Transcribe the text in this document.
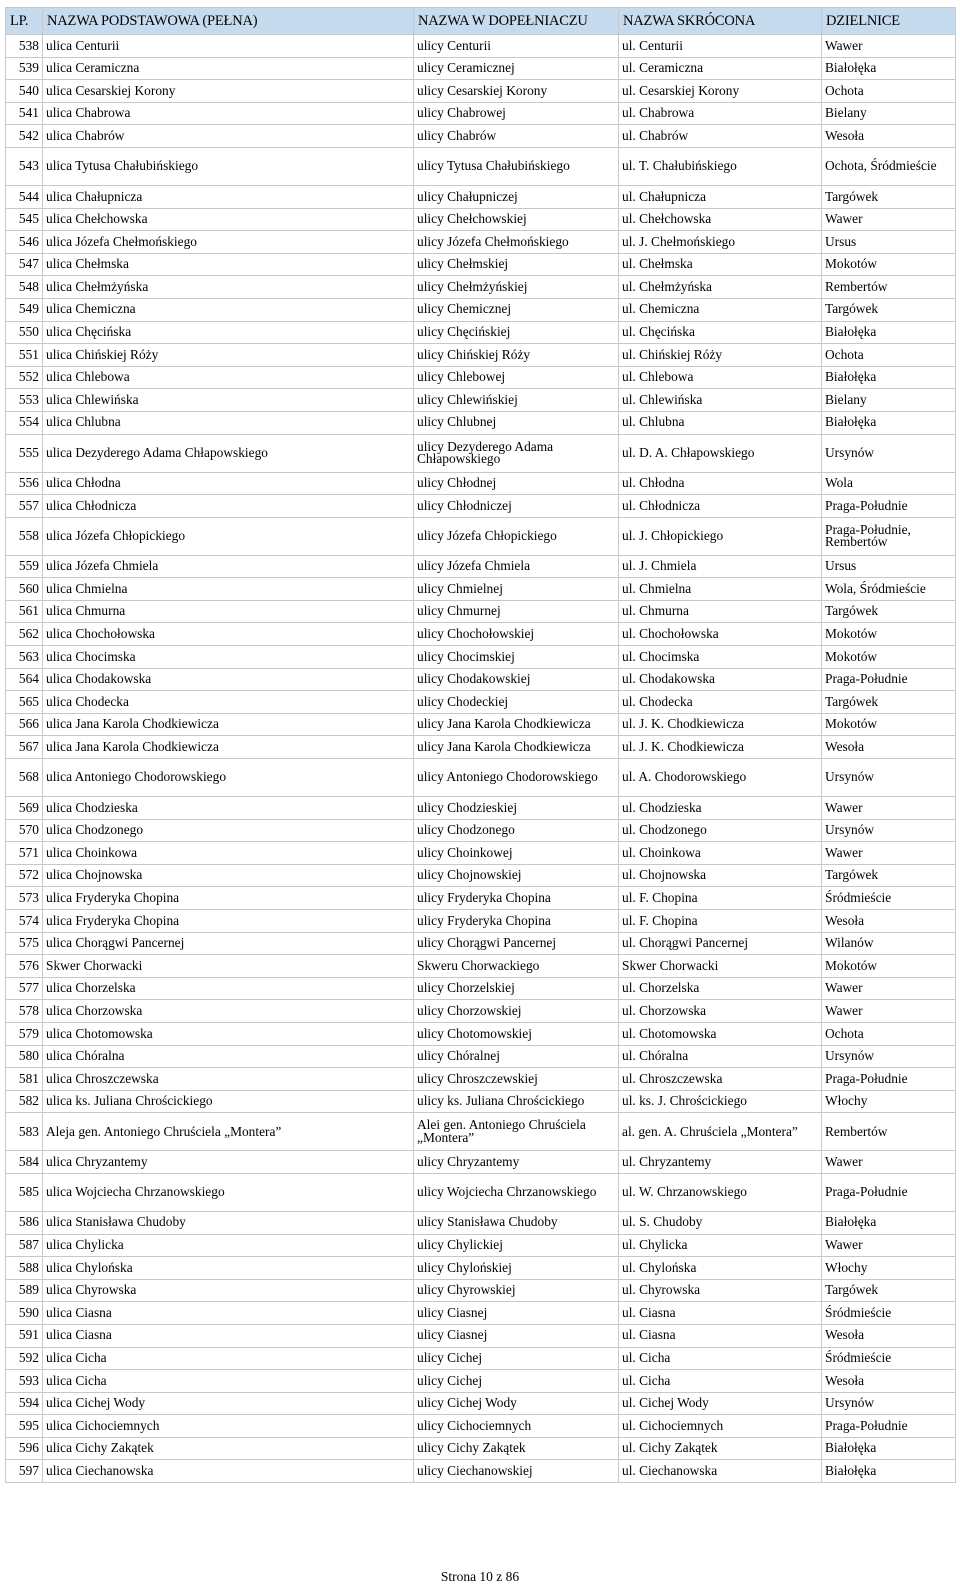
LP.	NAZWA PODSTAWOWA (PEŁNA)	NAZWA W DOPEŁNIACZU	NAZWA SKRÓCONA	DZIELNICE
538	ulica Centurii	ulicy Centurii	ul. Centurii	Wawer
539	ulica Ceramiczna	ulicy Ceramicznej	ul. Ceramiczna	Białołęka
540	ulica Cesarskiej Korony	ulicy Cesarskiej Korony	ul. Cesarskiej Korony	Ochota
541	ulica Chabrowa	ulicy Chabrowej	ul. Chabrowa	Bielany
542	ulica Chabrów	ulicy Chabrów	ul. Chabrów	Wesoła
543	ulica Tytusa Chałubińskiego	ulicy Tytusa Chałubińskiego	ul. T. Chałubińskiego	Ochota, Śródmieście
544	ulica Chałupnicza	ulicy Chałupniczej	ul. Chałupnicza	Targówek
545	ulica Chełchowska	ulicy Chełchowskiej	ul. Chełchowska	Wawer
546	ulica Józefa Chełmońskiego	ulicy Józefa Chełmońskiego	ul. J. Chełmońskiego	Ursus
547	ulica Chełmska	ulicy Chełmskiej	ul. Chełmska	Mokotów
548	ulica Chełmżyńska	ulicy Chełmżyńskiej	ul. Chełmżyńska	Rembertów
549	ulica Chemiczna	ulicy Chemicznej	ul. Chemiczna	Targówek
550	ulica Chęcińska	ulicy Chęcińskiej	ul. Chęcińska	Białołęka
551	ulica Chińskiej Róży	ulicy Chińskiej Róży	ul. Chińskiej Róży	Ochota
552	ulica Chlebowa	ulicy Chlebowej	ul. Chlebowa	Białołęka
553	ulica Chlewińska	ulicy Chlewińskiej	ul. Chlewińska	Bielany
554	ulica Chlubna	ulicy Chlubnej	ul. Chlubna	Białołęka
555	ulica Dezyderego Adama Chłapowskiego	ulicy Dezyderego Adama Chłapowskiego	ul. D. A. Chłapowskiego	Ursynów
556	ulica Chłodna	ulicy Chłodnej	ul. Chłodna	Wola
557	ulica Chłodnicza	ulicy Chłodniczej	ul. Chłodnicza	Praga-Południe
558	ulica Józefa Chłopickiego	ulicy Józefa Chłopickiego	ul. J. Chłopickiego	Praga-Południe, Rembertów
559	ulica Józefa Chmiela	ulicy Józefa Chmiela	ul. J. Chmiela	Ursus
560	ulica Chmielna	ulicy Chmielnej	ul. Chmielna	Wola, Śródmieście
561	ulica Chmurna	ulicy Chmurnej	ul. Chmurna	Targówek
562	ulica Chochołowska	ulicy Chochołowskiej	ul. Chochołowska	Mokotów
563	ulica Chocimska	ulicy Chocimskiej	ul. Chocimska	Mokotów
564	ulica Chodakowska	ulicy Chodakowskiej	ul. Chodakowska	Praga-Południe
565	ulica Chodecka	ulicy Chodeckiej	ul. Chodecka	Targówek
566	ulica Jana Karola Chodkiewicza	ulicy Jana Karola Chodkiewicza	ul. J. K. Chodkiewicza	Mokotów
567	ulica Jana Karola Chodkiewicza	ulicy Jana Karola Chodkiewicza	ul. J. K. Chodkiewicza	Wesoła
568	ulica Antoniego Chodorowskiego	ulicy Antoniego Chodorowskiego	ul. A. Chodorowskiego	Ursynów
569	ulica Chodzieska	ulicy Chodzieskiej	ul. Chodzieska	Wawer
570	ulica Chodzonego	ulicy Chodzonego	ul. Chodzonego	Ursynów
571	ulica Choinkowa	ulicy Choinkowej	ul. Choinkowa	Wawer
572	ulica Chojnowska	ulicy Chojnowskiej	ul. Chojnowska	Targówek
573	ulica Fryderyka Chopina	ulicy Fryderyka Chopina	ul. F. Chopina	Śródmieście
574	ulica Fryderyka Chopina	ulicy Fryderyka Chopina	ul. F. Chopina	Wesoła
575	ulica Chorągwi Pancernej	ulicy Chorągwi Pancernej	ul. Chorągwi Pancernej	Wilanów
576	Skwer Chorwacki	Skweru Chorwackiego	Skwer Chorwacki	Mokotów
577	ulica Chorzelska	ulicy Chorzelskiej	ul. Chorzelska	Wawer
578	ulica Chorzowska	ulicy Chorzowskiej	ul. Chorzowska	Wawer
579	ulica Chotomowska	ulicy Chotomowskiej	ul. Chotomowska	Ochota
580	ulica Chóralna	ulicy Chóralnej	ul. Chóralna	Ursynów
581	ulica Chroszczewska	ulicy Chroszczewskiej	ul. Chroszczewska	Praga-Południe
582	ulica ks. Juliana Chrościckiego	ulicy ks. Juliana Chrościckiego	ul. ks. J. Chrościckiego	Włochy
583	Aleja gen. Antoniego Chruściela „Montera”	Alei gen. Antoniego Chruściela „Montera”	al. gen. A. Chruściela „Montera”	Rembertów
584	ulica Chryzantemy	ulicy Chryzantemy	ul. Chryzantemy	Wawer
585	ulica Wojciecha Chrzanowskiego	ulicy Wojciecha Chrzanowskiego	ul. W. Chrzanowskiego	Praga-Południe
586	ulica Stanisława Chudoby	ulicy Stanisława Chudoby	ul. S. Chudoby	Białołęka
587	ulica Chylicka	ulicy Chylickiej	ul. Chylicka	Wawer
588	ulica Chylońska	ulicy Chylońskiej	ul. Chylońska	Włochy
589	ulica Chyrowska	ulicy Chyrowskiej	ul. Chyrowska	Targówek
590	ulica Ciasna	ulicy Ciasnej	ul. Ciasna	Śródmieście
591	ulica Ciasna	ulicy Ciasnej	ul. Ciasna	Wesoła
592	ulica Cicha	ulicy Cichej	ul. Cicha	Śródmieście
593	ulica Cicha	ulicy Cichej	ul. Cicha	Wesoła
594	ulica Cichej Wody	ulicy Cichej Wody	ul. Cichej Wody	Ursynów
595	ulica Cichociemnych	ulicy Cichociemnych	ul. Cichociemnych	Praga-Południe
596	ulica Cichy Zakątek	ulicy Cichy Zakątek	ul. Cichy Zakątek	Białołęka
597	ulica Ciechanowska	ulicy Ciechanowskiej	ul. Ciechanowska	Białołęka
Strona 10 z 86
